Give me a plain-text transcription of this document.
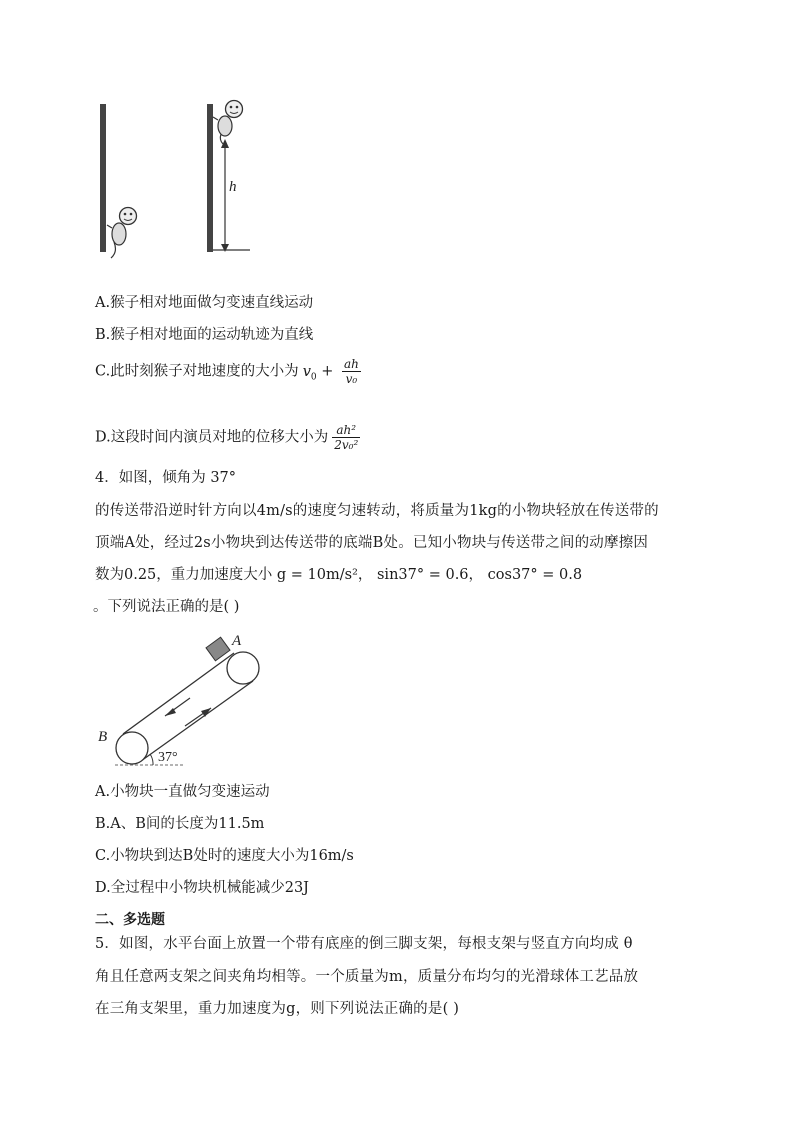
h
A.猴子相对地面做匀变速直线运动
B.猴子相对地面的运动轨迹为直线
C.此时刻猴子对地速度的大小为 $v_0 + \frac{ah}{\text{v₀}}$
D.这段时间内演员对地的位移大小为 $\frac{\text{ah²}}{\text{2v₀²}}$
4．如图，倾角为 37°
的传送带沿逆时针方向以4m/s的速度匀速转动，将质量为1kg的小物块轻放在传送带的
顶端A处，经过2s小物块到达传送带的底端B处。已知小物块与传送带之间的动摩擦因
数为0.25，重力加速度大小 g = 10m/s²， sin37° = 0.6， cos37° = 0.8
。下列说法正确的是( )
A
B
37°
A.小物块一直做匀变速运动
B.A、B间的长度为11.5m
C.小物块到达B处时的速度大小为16m/s
D.全过程中小物块机械能减少23J
二、多选题
5．如图，水平台面上放置一个带有底座的倒三脚支架，每根支架与竖直方向均成 θ
角且任意两支架之间夹角均相等。一个质量为m，质量分布均匀的光滑球体工艺品放
在三角支架里，重力加速度为g，则下列说法正确的是( )
